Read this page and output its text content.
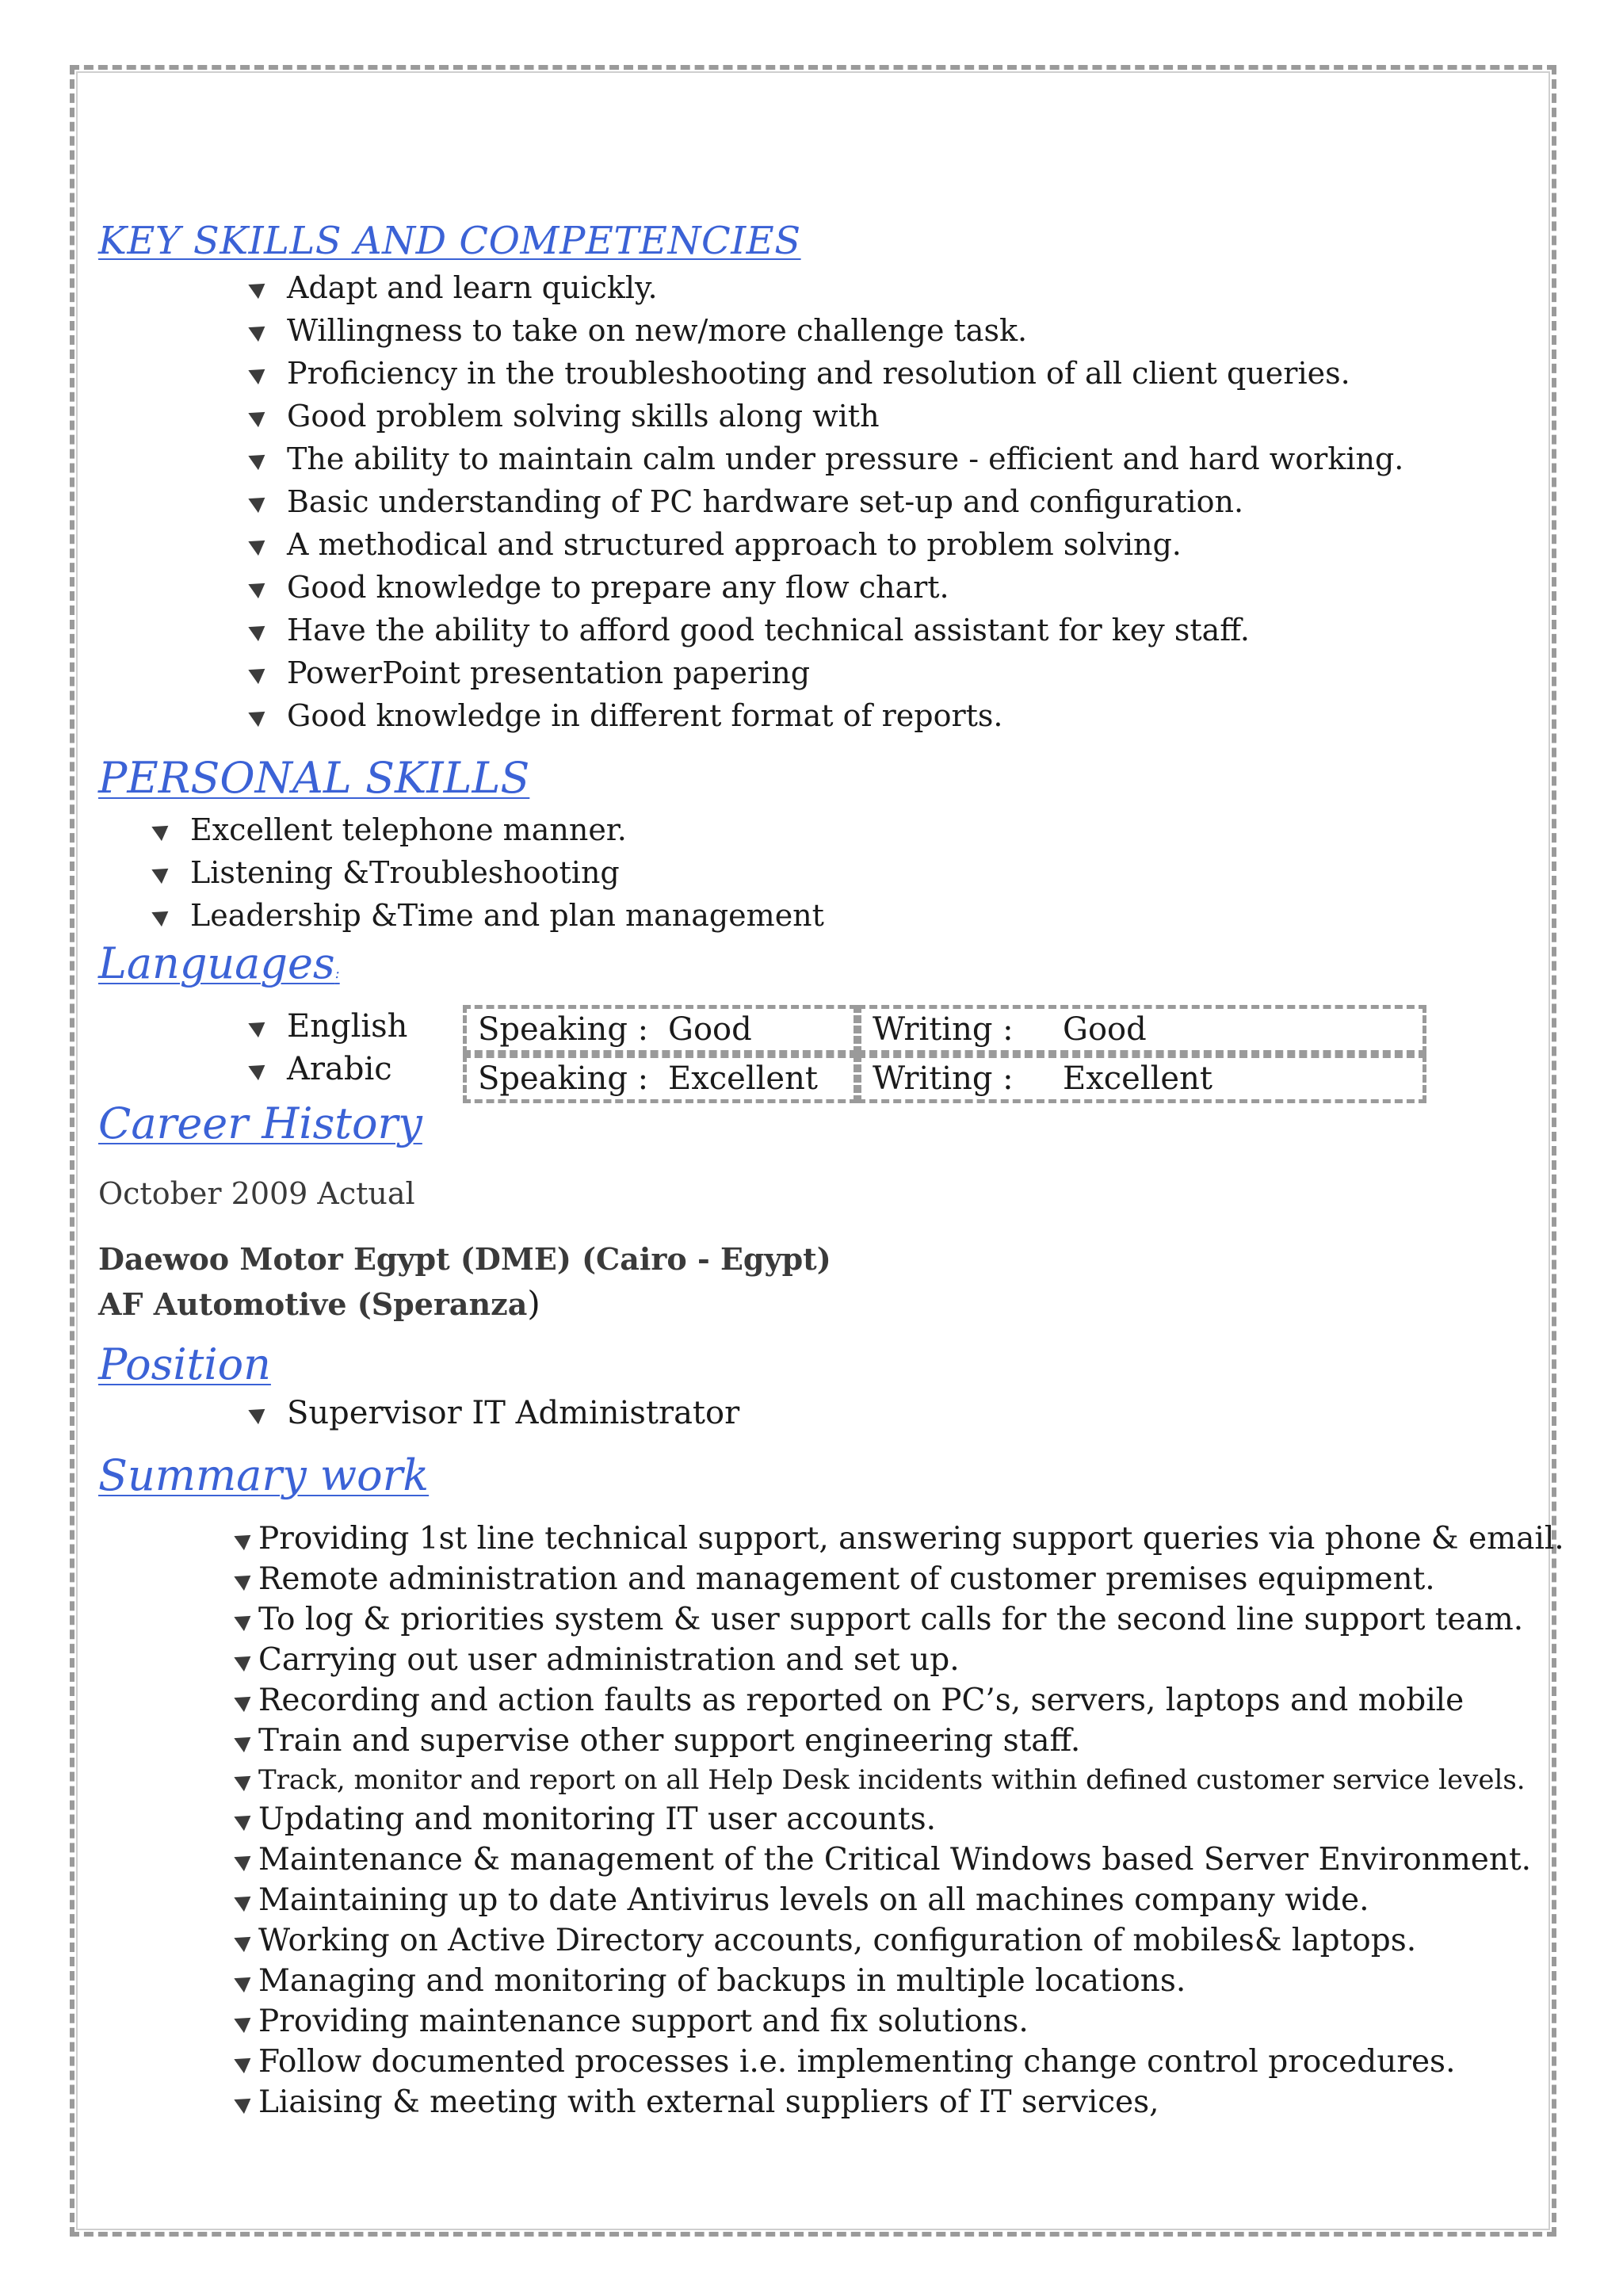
KEY SKILLS AND COMPETENCIES
Adapt and learn quickly.
Willingness to take on new/more challenge task.
Proficiency in the troubleshooting and resolution of all client queries.
Good problem solving skills along with
The ability to maintain calm under pressure - efficient and hard working.
Basic understanding of PC hardware set-up and configuration.
A methodical and structured approach to problem solving.
Good knowledge to prepare any flow chart.
Have the ability to afford good technical assistant for key staff.
PowerPoint presentation papering
Good knowledge in different format of reports.
PERSONAL SKILLS
Excellent telephone manner.
Listening &Troubleshooting
Leadership &Time and plan management
Languages:
English
Arabic
Speaking : Good	Writing : Good
Speaking : Excellent	Writing : Excellent
Career History

October 2009 Actual

Daewoo Motor Egypt (DME) (Cairo - Egypt)

AF Automotive (Speranza)

Position
Supervisor IT Administrator
Summary work
Providing 1st line technical support, answering support queries via phone & email.
Remote administration and management of customer premises equipment.
To log & priorities system & user support calls for the second line support team.
Carrying out user administration and set up.
Recording and action faults as reported on PC’s, servers, laptops and mobile
Train and supervise other support engineering staff.
Track, monitor and report on all Help Desk incidents within defined customer service levels.
Updating and monitoring IT user accounts.
Maintenance & management of the Critical Windows based Server Environment.
Maintaining up to date Antivirus levels on all machines company wide.
Working on Active Directory accounts, configuration of mobiles& laptops.
Managing and monitoring of backups in multiple locations.
Providing maintenance support and fix solutions.
Follow documented processes i.e. implementing change control procedures.
Liaising & meeting with external suppliers of IT services,
